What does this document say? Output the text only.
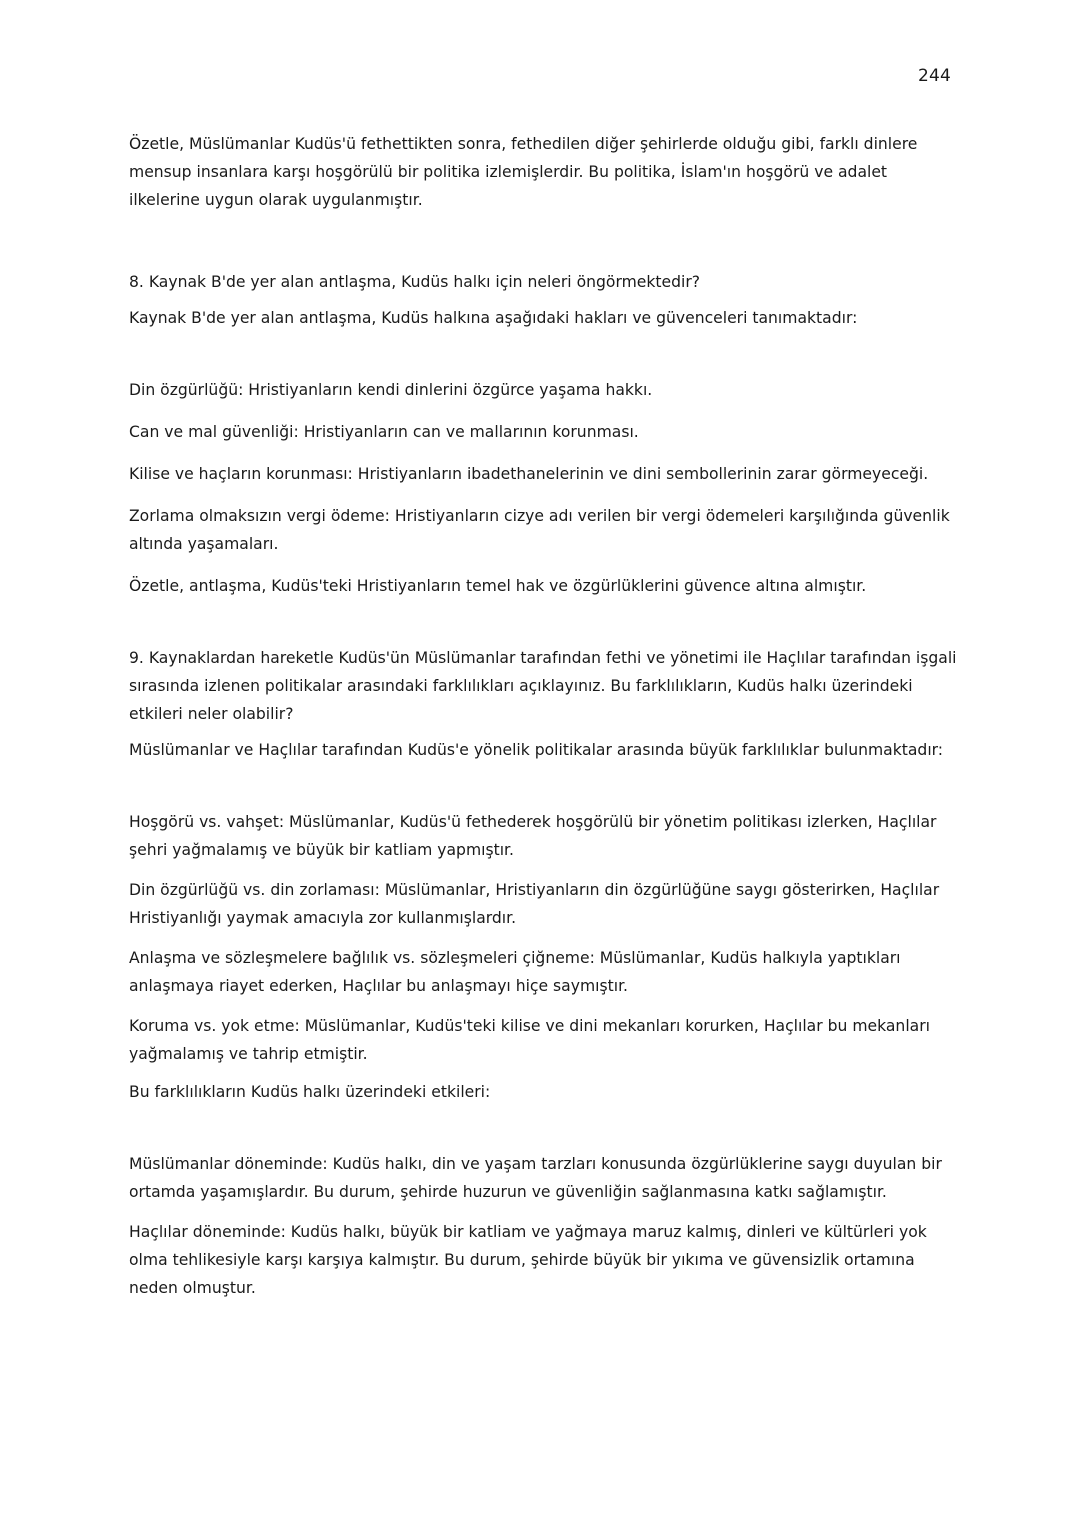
244

Özetle, Müslümanlar Kudüs'ü fethettikten sonra, fethedilen diğer şehirlerde olduğu gibi, farklı dinlere mensup insanlara karşı hoşgörülü bir politika izlemişlerdir. Bu politika, İslam'ın hoşgörü ve adalet ilkelerine uygun olarak uygulanmıştır.

8. Kaynak B'de yer alan antlaşma, Kudüs halkı için neleri öngörmektedir?

Kaynak B'de yer alan antlaşma, Kudüs halkına aşağıdaki hakları ve güvenceleri tanımaktadır:

Din özgürlüğü: Hristiyanların kendi dinlerini özgürce yaşama hakkı.

Can ve mal güvenliği: Hristiyanların can ve mallarının korunması.

Kilise ve haçların korunması: Hristiyanların ibadethanelerinin ve dini sembollerinin zarar görmeyeceği.

Zorlama olmaksızın vergi ödeme: Hristiyanların cizye adı verilen bir vergi ödemeleri karşılığında güvenlik altında yaşamaları.

Özetle, antlaşma, Kudüs'teki Hristiyanların temel hak ve özgürlüklerini güvence altına almıştır.

9. Kaynaklardan hareketle Kudüs'ün Müslümanlar tarafından fethi ve yönetimi ile Haçlılar tarafından işgali sırasında izlenen politikalar arasındaki farklılıkları açıklayınız. Bu farklılıkların, Kudüs halkı üzerindeki etkileri neler olabilir?

Müslümanlar ve Haçlılar tarafından Kudüs'e yönelik politikalar arasında büyük farklılıklar bulunmaktadır:

Hoşgörü vs. vahşet: Müslümanlar, Kudüs'ü fethederek hoşgörülü bir yönetim politikası izlerken, Haçlılar şehri yağmalamış ve büyük bir katliam yapmıştır.

Din özgürlüğü vs. din zorlaması: Müslümanlar, Hristiyanların din özgürlüğüne saygı gösterirken, Haçlılar Hristiyanlığı yaymak amacıyla zor kullanmışlardır.

Anlaşma ve sözleşmelere bağlılık vs. sözleşmeleri çiğneme: Müslümanlar, Kudüs halkıyla yaptıkları anlaşmaya riayet ederken, Haçlılar bu anlaşmayı hiçe saymıştır.

Koruma vs. yok etme: Müslümanlar, Kudüs'teki kilise ve dini mekanları korurken, Haçlılar bu mekanları yağmalamış ve tahrip etmiştir.

Bu farklılıkların Kudüs halkı üzerindeki etkileri:

Müslümanlar döneminde: Kudüs halkı, din ve yaşam tarzları konusunda özgürlüklerine saygı duyulan bir ortamda yaşamışlardır. Bu durum, şehirde huzurun ve güvenliğin sağlanmasına katkı sağlamıştır.

Haçlılar döneminde: Kudüs halkı, büyük bir katliam ve yağmaya maruz kalmış, dinleri ve kültürleri yok olma tehlikesiyle karşı karşıya kalmıştır. Bu durum, şehirde büyük bir yıkıma ve güvensizlik ortamına neden olmuştur.
